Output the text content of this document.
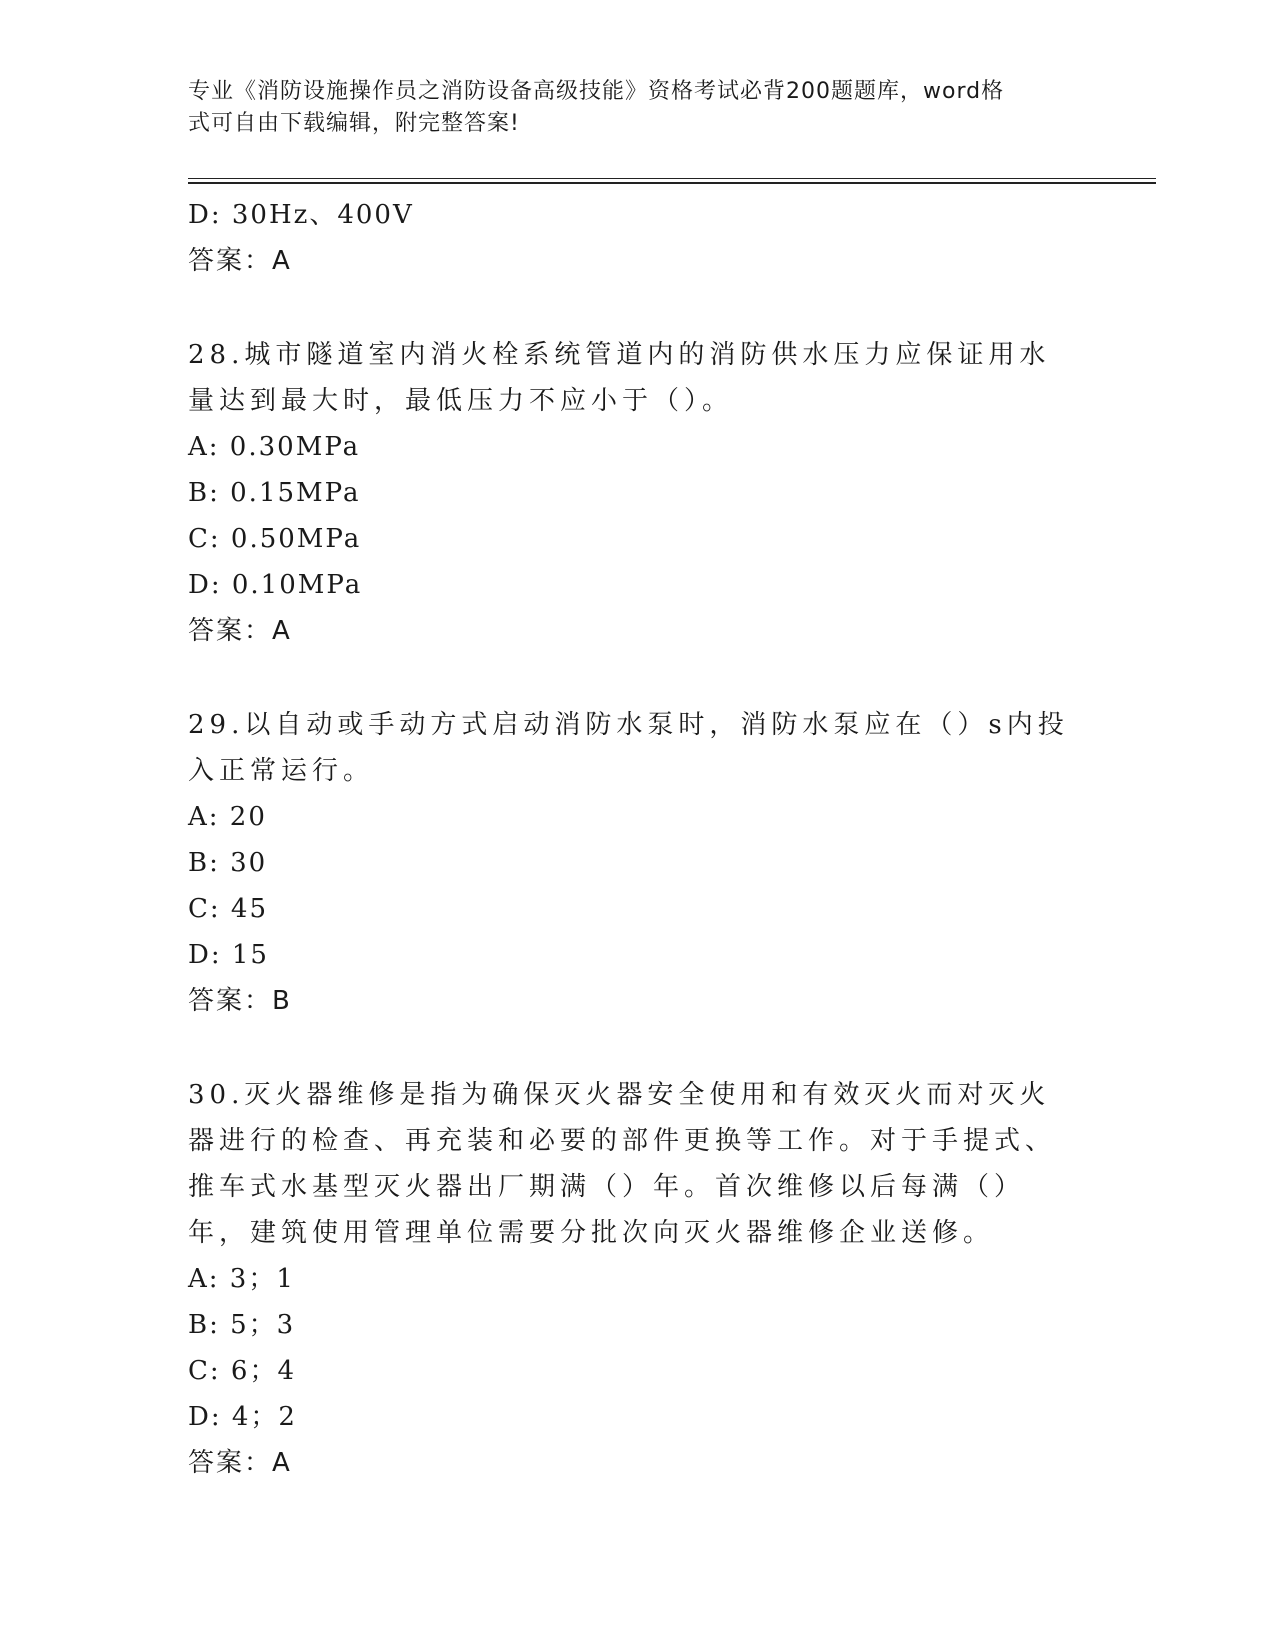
专业《消防设施操作员之消防设备高级技能》资格考试必背200题题库，word格
式可自由下载编辑，附完整答案!
D: 30Hz、400V
答案：A
28.城市隧道室内消火栓系统管道内的消防供水压力应保证用水量达到最大时，最低压力不应小于（）。
A: 0.30MPa
B: 0.15MPa
C: 0.50MPa
D: 0.10MPa
答案：A
29.以自动或手动方式启动消防水泵时，消防水泵应在（）s内投入正常运行。
A: 20
B: 30
C: 45
D: 15
答案：B
30.灭火器维修是指为确保灭火器安全使用和有效灭火而对灭火器进行的检查、再充装和必要的部件更换等工作。对于手提式、推车式水基型灭火器出厂期满（）年。首次维修以后每满（）年，建筑使用管理单位需要分批次向灭火器维修企业送修。
A: 3；1
B: 5；3
C: 6；4
D: 4；2
答案：A
